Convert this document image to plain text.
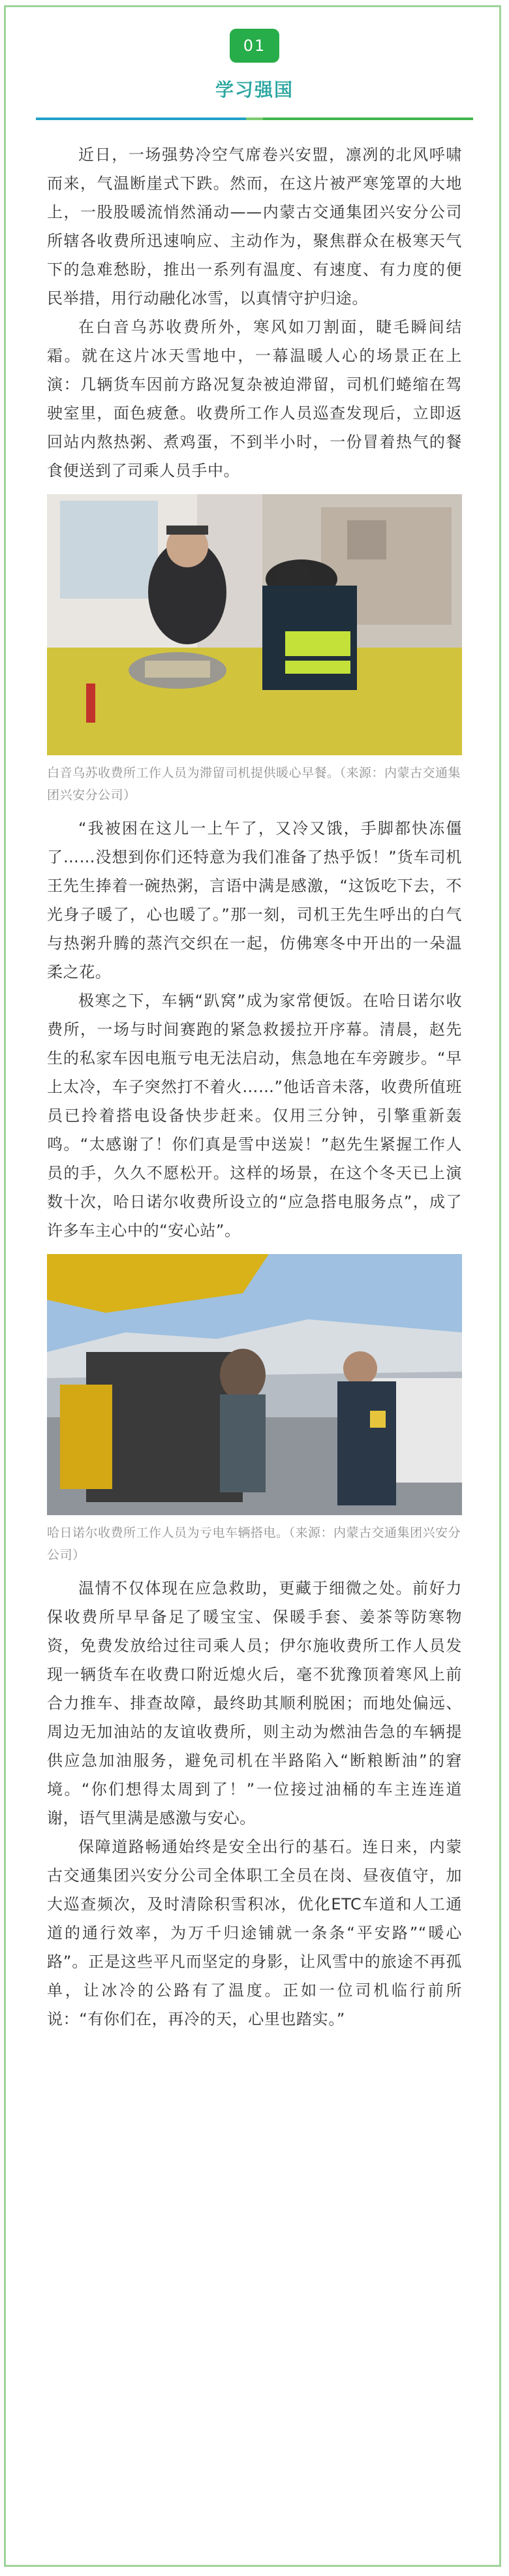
01
学习强国

近日，一场强势冷空气席卷兴安盟，凛冽的北风呼啸而来，气温断崖式下跌。然而，在这片被严寒笼罩的大地上，一股股暖流悄然涌动——内蒙古交通集团兴安分公司所辖各收费所迅速响应、主动作为，聚焦群众在极寒天气下的急难愁盼，推出一系列有温度、有速度、有力度的便民举措，用行动融化冰雪，以真情守护归途。

在白音乌苏收费所外，寒风如刀割面，睫毛瞬间结霜。就在这片冰天雪地中，一幕温暖人心的场景正在上演：几辆货车因前方路况复杂被迫滞留，司机们蜷缩在驾驶室里，面色疲惫。收费所工作人员巡查发现后，立即返回站内熬热粥、煮鸡蛋，不到半小时，一份冒着热气的餐食便送到了司乘人员手中。

白音乌苏收费所工作人员为滞留司机提供暖心早餐。（来源：内蒙古交通集团兴安分公司）

“我被困在这儿一上午了，又冷又饿，手脚都快冻僵了……没想到你们还特意为我们准备了热乎饭！”货车司机王先生捧着一碗热粥，言语中满是感激，“这饭吃下去，不光身子暖了，心也暖了。”那一刻，司机王先生呼出的白气与热粥升腾的蒸汽交织在一起，仿佛寒冬中开出的一朵温柔之花。

极寒之下，车辆“趴窝”成为家常便饭。在哈日诺尔收费所，一场与时间赛跑的紧急救援拉开序幕。清晨，赵先生的私家车因电瓶亏电无法启动，焦急地在车旁踱步。“早上太冷，车子突然打不着火……”他话音未落，收费所值班员已拎着搭电设备快步赶来。仅用三分钟，引擎重新轰鸣。“太感谢了！你们真是雪中送炭！”赵先生紧握工作人员的手，久久不愿松开。这样的场景，在这个冬天已上演数十次，哈日诺尔收费所设立的“应急搭电服务点”，成了许多车主心中的“安心站”。

哈日诺尔收费所工作人员为亏电车辆搭电。（来源：内蒙古交通集团兴安分公司）

温情不仅体现在应急救助，更藏于细微之处。前好力保收费所早早备足了暖宝宝、保暖手套、姜茶等防寒物资，免费发放给过往司乘人员；伊尔施收费所工作人员发现一辆货车在收费口附近熄火后，毫不犹豫顶着寒风上前合力推车、排查故障，最终助其顺利脱困；而地处偏远、周边无加油站的友谊收费所，则主动为燃油告急的车辆提供应急加油服务，避免司机在半路陷入“断粮断油”的窘境。“你们想得太周到了！”一位接过油桶的车主连连道谢，语气里满是感激与安心。

保障道路畅通始终是安全出行的基石。连日来，内蒙古交通集团兴安分公司全体职工全员在岗、昼夜值守，加大巡查频次，及时清除积雪积冰，优化ETC车道和人工通道的通行效率，为万千归途铺就一条条“平安路”“暖心路”。正是这些平凡而坚定的身影，让风雪中的旅途不再孤单，让冰冷的公路有了温度。正如一位司机临行前所说：“有你们在，再冷的天，心里也踏实。”
